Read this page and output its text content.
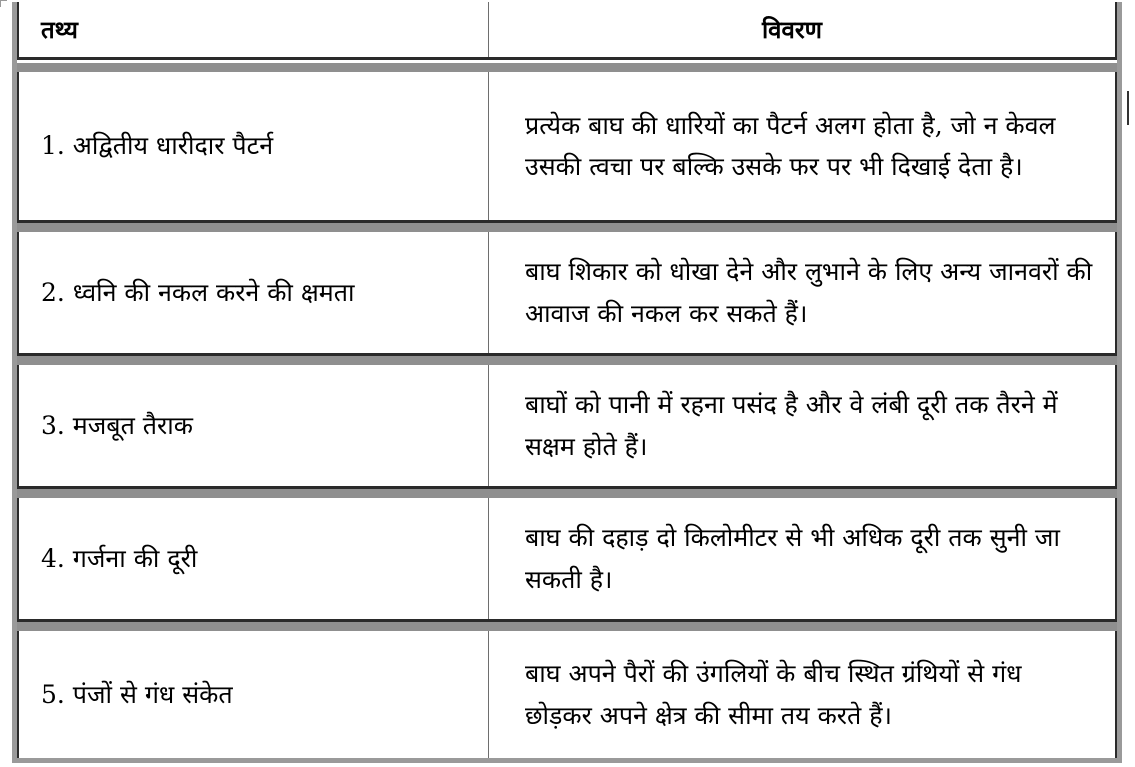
तथ्य	विवरण
1. अद्वितीय धारीदार पैटर्न
प्रत्येक बाघ की धारियों का पैटर्न अलग होता है, जो न केवल उसकी त्वचा पर बल्कि उसके फर पर भी दिखाई देता है।
2. ध्वनि की नकल करने की क्षमता
बाघ शिकार को धोखा देने और लुभाने के लिए अन्य जानवरों की आवाज की नकल कर सकते हैं।
3. मजबूत तैराक
बाघों को पानी में रहना पसंद है और वे लंबी दूरी तक तैरने में सक्षम होते हैं।
4. गर्जना की दूरी
बाघ की दहाड़ दो किलोमीटर से भी अधिक दूरी तक सुनी जा सकती है।
5. पंजों से गंध संकेत
बाघ अपने पैरों की उंगलियों के बीच स्थित ग्रंथियों से गंध छोड़कर अपने क्षेत्र की सीमा तय करते हैं।
